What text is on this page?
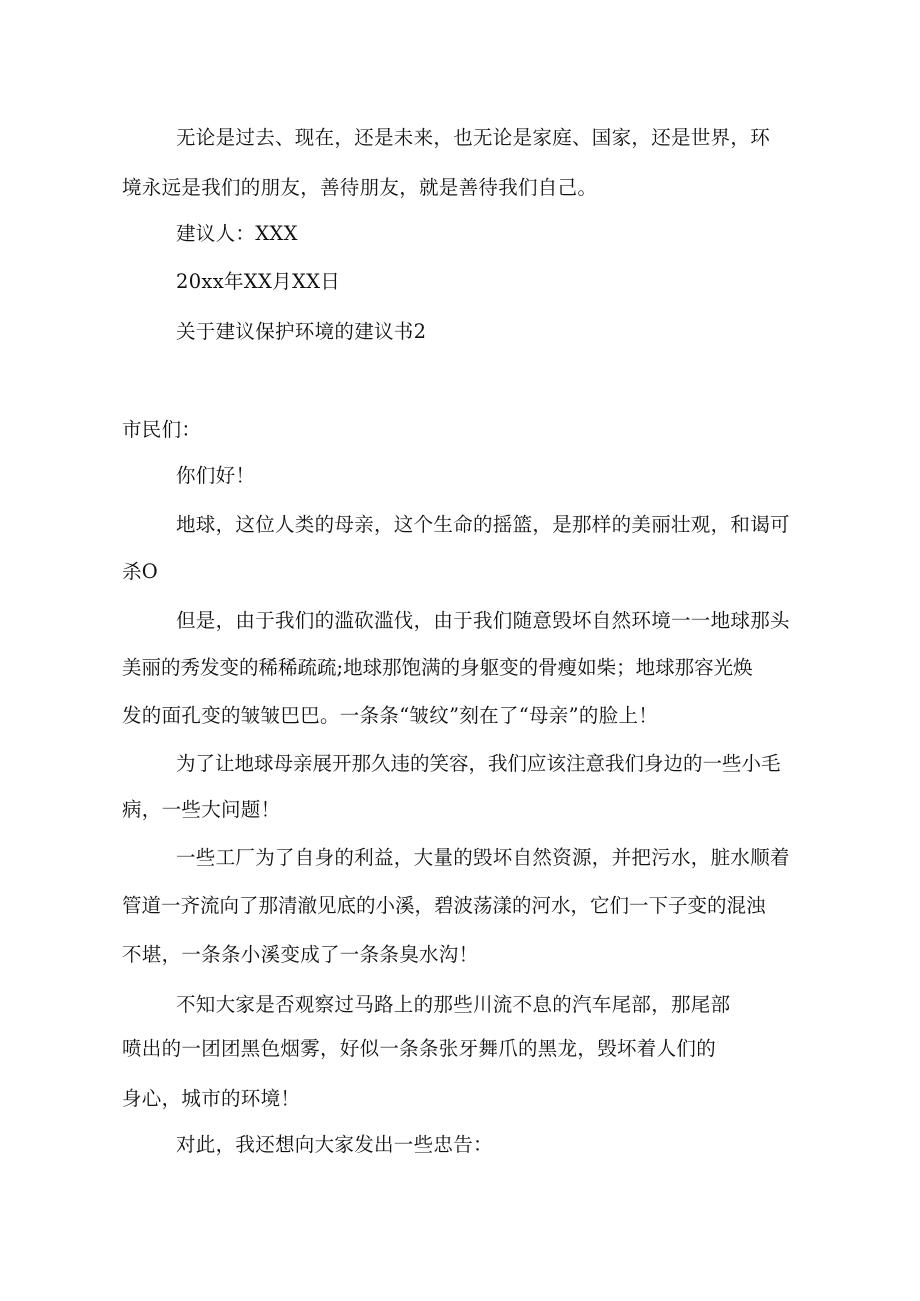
无论是过去、现在，还是未来，也无论是家庭、国家，还是世界，环

境永远是我们的朋友，善待朋友，就是善待我们自己。

建议人：XXX

20xx年XX月XX日

关于建议保护环境的建议书2

市民们：

你们好！

地球，这位人类的母亲，这个生命的摇篮，是那样的美丽壮观，和谒可

杀O

但是，由于我们的滥砍滥伐，由于我们随意毁坏自然环境一一地球那头

美丽的秀发变的稀稀疏疏;地球那饱满的身躯变的骨瘦如柴；地球那容光焕

发的面孔变的皱皱巴巴。一条条“皱纹”刻在了“母亲”的脸上！

为了让地球母亲展开那久违的笑容，我们应该注意我们身边的一些小毛

病，一些大问题！

一些工厂为了自身的利益，大量的毁坏自然资源，并把污水，脏水顺着

管道一齐流向了那清澈见底的小溪，碧波荡漾的河水，它们一下子变的混浊

不堪，一条条小溪变成了一条条臭水沟！

不知大家是否观察过马路上的那些川流不息的汽车尾部，那尾部

喷出的一团团黑色烟雾，好似一条条张牙舞爪的黑龙，毁坏着人们的

身心，城市的环境！

对此，我还想向大家发出一些忠告：
